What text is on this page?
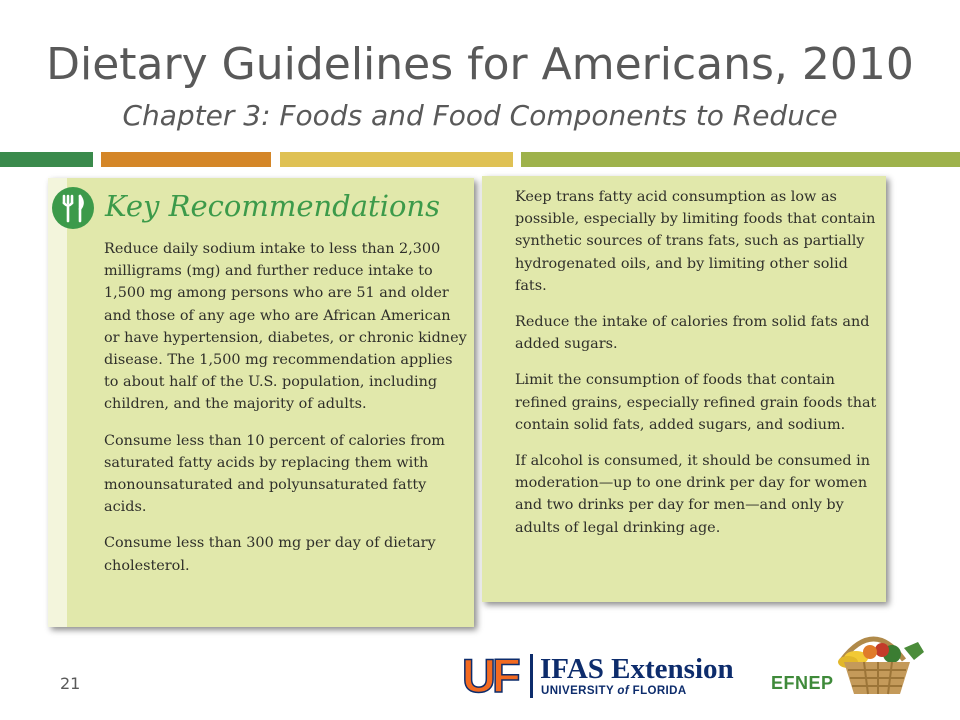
Dietary Guidelines for Americans, 2010

Chapter 3: Foods and Food Components to Reduce

Key Recommendations

Reduce daily sodium intake to less than 2,300 milligrams (mg) and further reduce intake to 1,500 mg among persons who are 51 and older and those of any age who are African American or have hypertension, diabetes, or chronic kidney disease. The 1,500 mg recommendation applies to about half of the U.S. population, including children, and the majority of adults.

Consume less than 10 percent of calories from saturated fatty acids by replacing them with monounsaturated and polyunsaturated fatty acids.

Consume less than 300 mg per day of dietary cholesterol.

Keep trans fatty acid consumption as low as possible, especially by limiting foods that contain synthetic sources of trans fats, such as partially hydrogenated oils, and by limiting other solid fats.

Reduce the intake of calories from solid fats and added sugars.

Limit the consumption of foods that contain refined grains, especially refined grain foods that contain solid fats, added sugars, and sodium.

If alcohol is consumed, it should be consumed in moderation—up to one drink per day for women and two drinks per day for men—and only by adults of legal drinking age.

21	UF IFAS Extension
UNIVERSITY of FLORIDA	EFNEP
